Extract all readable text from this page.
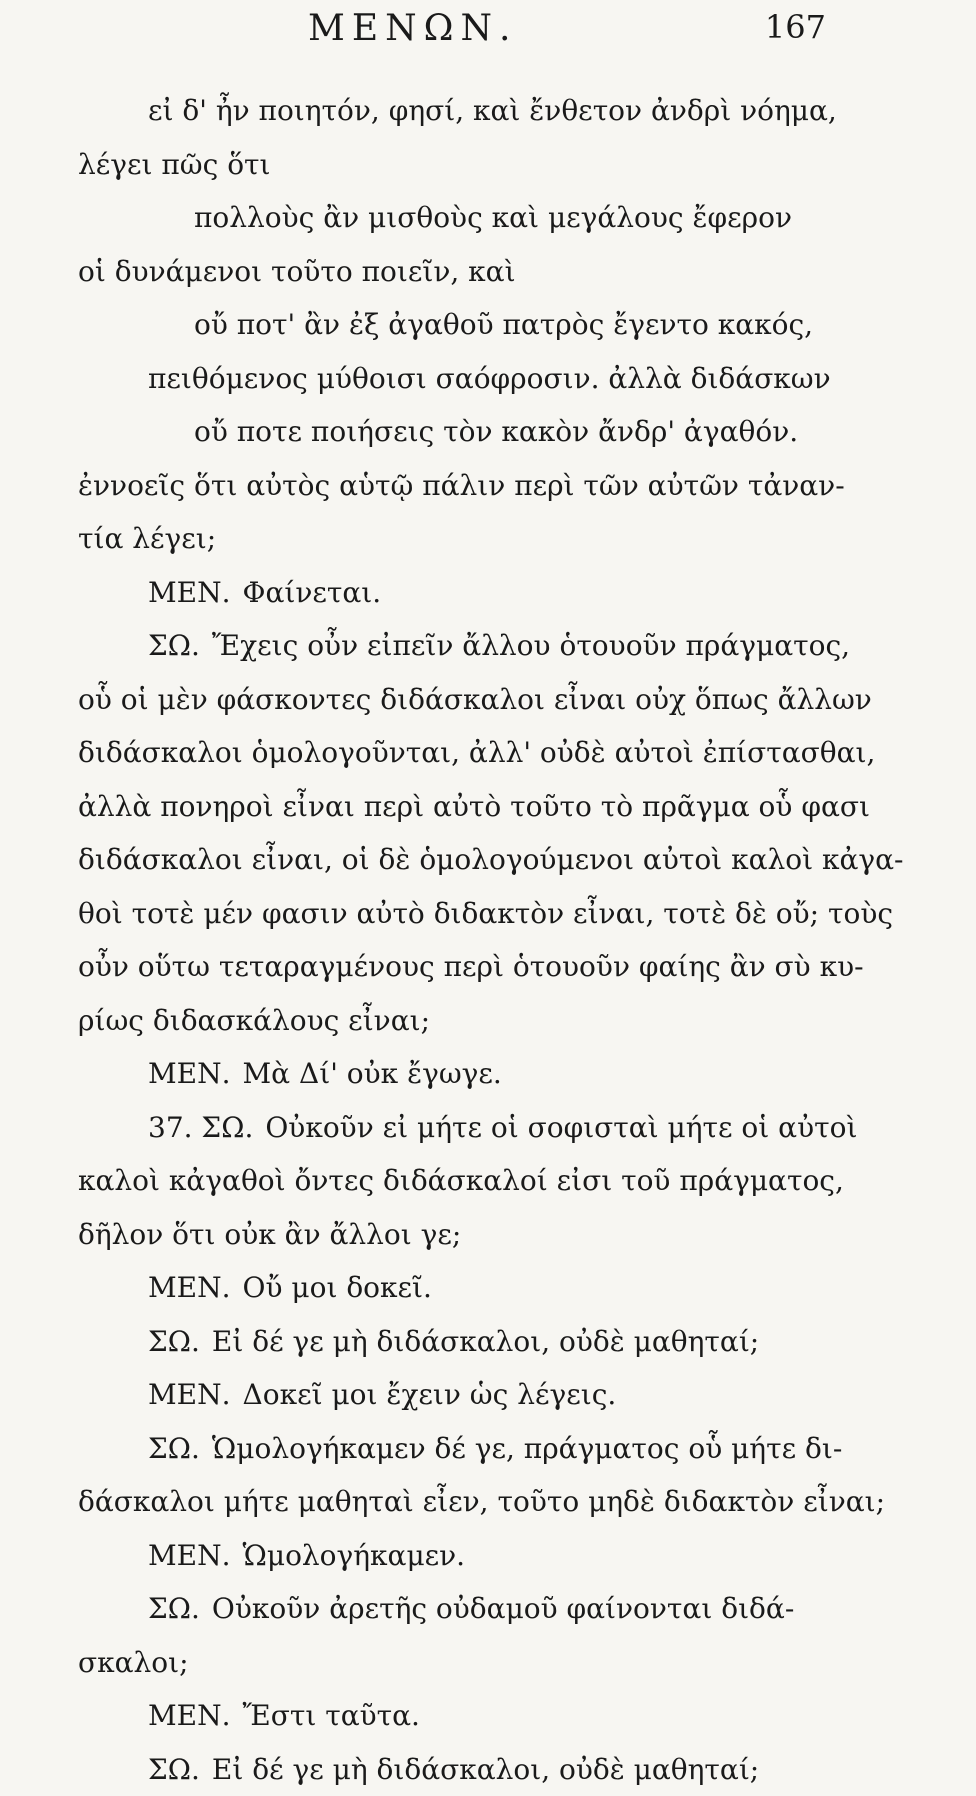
ΜΕΝΩΝ.	167
εἰ δ' ἦν ποιητόν, φησί, καὶ ἔνθετον ἀνδρὶ νόημα,
λέγει πῶς ὅτι
πολλοὺς ἂν μισθοὺς καὶ μεγάλους ἔφερον
οἱ δυνάμενοι τοῦτο ποιεῖν, καὶ
οὔ ποτ' ἂν ἐξ ἀγαθοῦ πατρὸς ἔγεντο κακός,
πειθόμενος μύθοισι σαόφροσιν. ἀλλὰ διδάσκων
οὔ ποτε ποιήσεις τὸν κακὸν ἄνδρ' ἀγαθόν.
ἐννοεῖς ὅτι αὐτὸς αὑτῷ πάλιν περὶ τῶν αὐτῶν τἀναν-
τία λέγει;
ΜΕΝ. Φαίνεται.
ΣΩ. Ἔχεις οὖν εἰπεῖν ἄλλου ὁτουοῦν πράγματος,
οὗ οἱ μὲν φάσκοντες διδάσκαλοι εἶναι οὐχ ὅπως ἄλλων
διδάσκαλοι ὁμολογοῦνται, ἀλλ' οὐδὲ αὐτοὶ ἐπίστασθαι,
ἀλλὰ πονηροὶ εἶναι περὶ αὐτὸ τοῦτο τὸ πρᾶγμα οὗ φασι
διδάσκαλοι εἶναι, οἱ δὲ ὁμολογούμενοι αὐτοὶ καλοὶ κἀγα-
θοὶ τοτὲ μέν φασιν αὐτὸ διδακτὸν εἶναι, τοτὲ δὲ οὔ; τοὺς
οὖν οὕτω τεταραγμένους περὶ ὁτουοῦν φαίης ἂν σὺ κυ-
ρίως διδασκάλους εἶναι;
ΜΕΝ. Μὰ Δί' οὐκ ἔγωγε.
37. ΣΩ. Οὐκοῦν εἰ μήτε οἱ σοφισταὶ μήτε οἱ αὐτοὶ
καλοὶ κἀγαθοὶ ὄντες διδάσκαλοί εἰσι τοῦ πράγματος,
δῆλον ὅτι οὐκ ἂν ἄλλοι γε;
ΜΕΝ. Οὔ μοι δοκεῖ.
ΣΩ. Εἰ δέ γε μὴ διδάσκαλοι, οὐδὲ μαθηταί;
ΜΕΝ. Δοκεῖ μοι ἔχειν ὡς λέγεις.
ΣΩ. Ὡμολογήκαμεν δέ γε, πράγματος οὗ μήτε δι-
δάσκαλοι μήτε μαθηταὶ εἶεν, τοῦτο μηδὲ διδακτὸν εἶναι;
ΜΕΝ. Ὡμολογήκαμεν.
ΣΩ. Οὐκοῦν ἀρετῆς οὐδαμοῦ φαίνονται διδά-
σκαλοι;
ΜΕΝ. Ἔστι ταῦτα.
ΣΩ. Εἰ δέ γε μὴ διδάσκαλοι, οὐδὲ μαθηταί;
